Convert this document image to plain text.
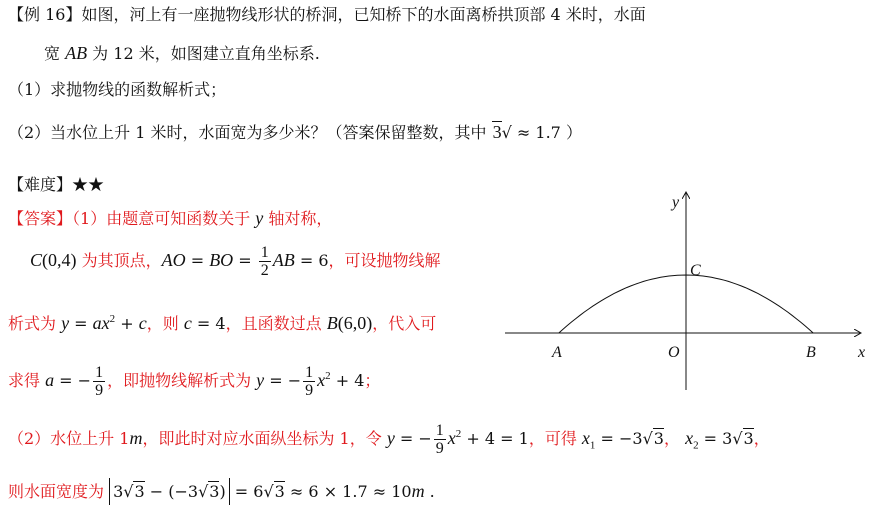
【例 16】如图，河上有一座抛物线形状的桥洞，已知桥下的水面离桥拱顶部 4 米时，水面
宽 AB 为 12 米，如图建立直角坐标系.
（1）求抛物线的函数解析式；
（2）当水位上升 1 米时，水面宽为多少米？（答案保留整数，其中 3√ ≈ 1.7 ）
【难度】★★
【答案】（1）由题意可知函数关于 y 轴对称，
C(0,4) 为其顶点，AO = BO = $\frac{1}{2}$ AB = 6，可设抛物线解
析式为 $y = ax^2 + c$，则 c = 4，且函数过点 B(6,0)，代入可
求得 a = − $\frac{1}{9}$ ，即抛物线解析式为 y = − $\frac{1}{9} x^2 + 4$；
（2）水位上升 1m，即此时对应水面纵坐标为 1，令 y = − $\frac{1}{9} x^2 + 4 = 1$，可得 $x_1 = -3√3$， $x_2 = 3√3$，
则水面宽度为 3√3 − (−3√3) = 6√3 ≈ 6 × 1.7 ≈ 10m .
y
x
O
A	B
C
